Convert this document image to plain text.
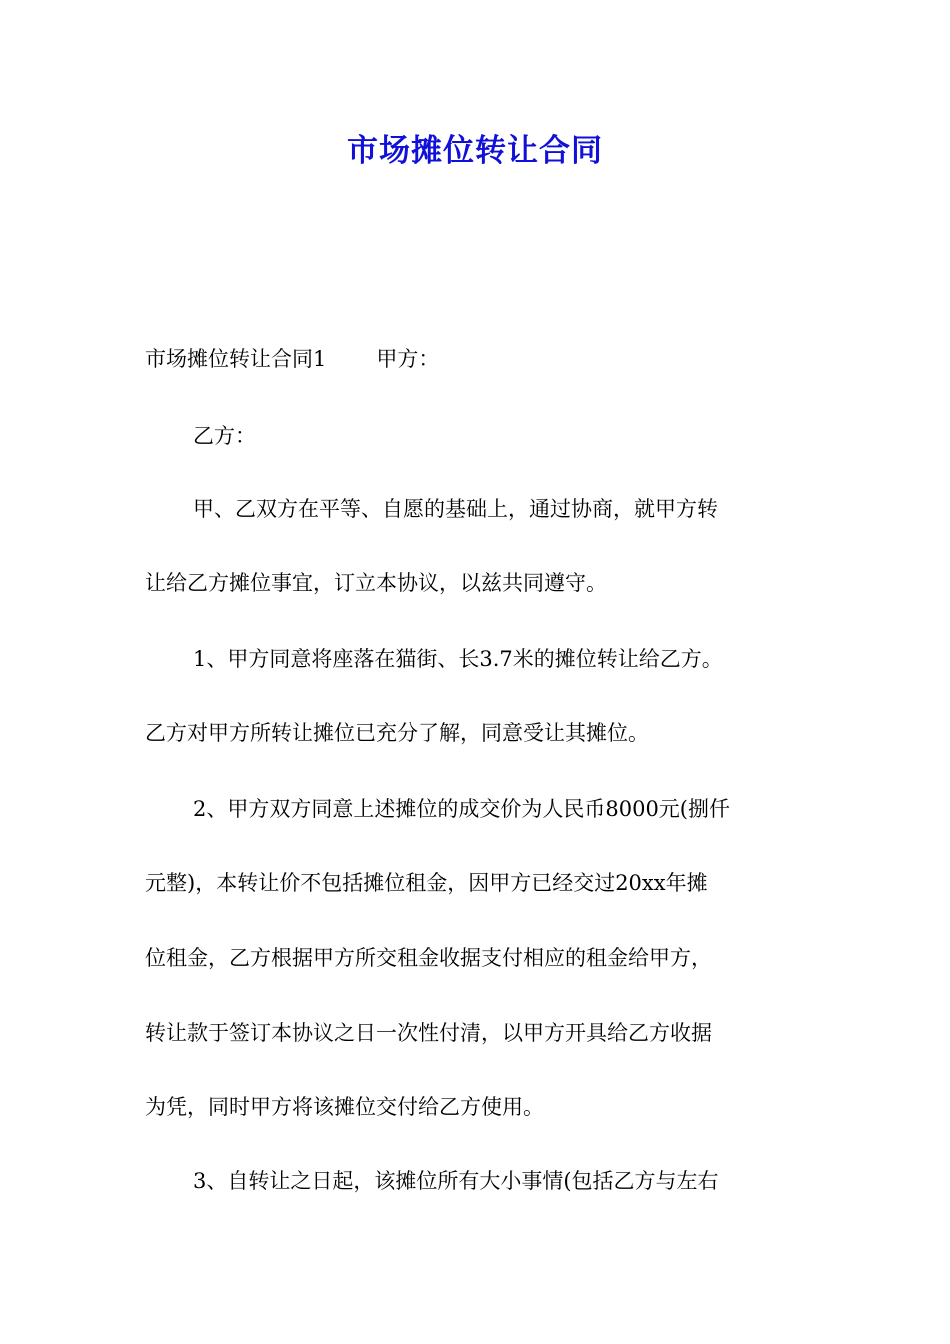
市场摊位转让合同
市场摊位转让合同1 甲方：
乙方：
甲、乙双方在平等、自愿的基础上，通过协商，就甲方转
让给乙方摊位事宜，订立本协议，以兹共同遵守。
1、甲方同意将座落在猫街、长3.7米的摊位转让给乙方。
乙方对甲方所转让摊位已充分了解，同意受让其摊位。
2、甲方双方同意上述摊位的成交价为人民币8000元(捌仟
元整)，本转让价不包括摊位租金，因甲方已经交过20xx年摊
位租金，乙方根据甲方所交租金收据支付相应的租金给甲方，
转让款于签订本协议之日一次性付清，以甲方开具给乙方收据
为凭，同时甲方将该摊位交付给乙方使用。
3、自转让之日起，该摊位所有大小事情(包括乙方与左右
